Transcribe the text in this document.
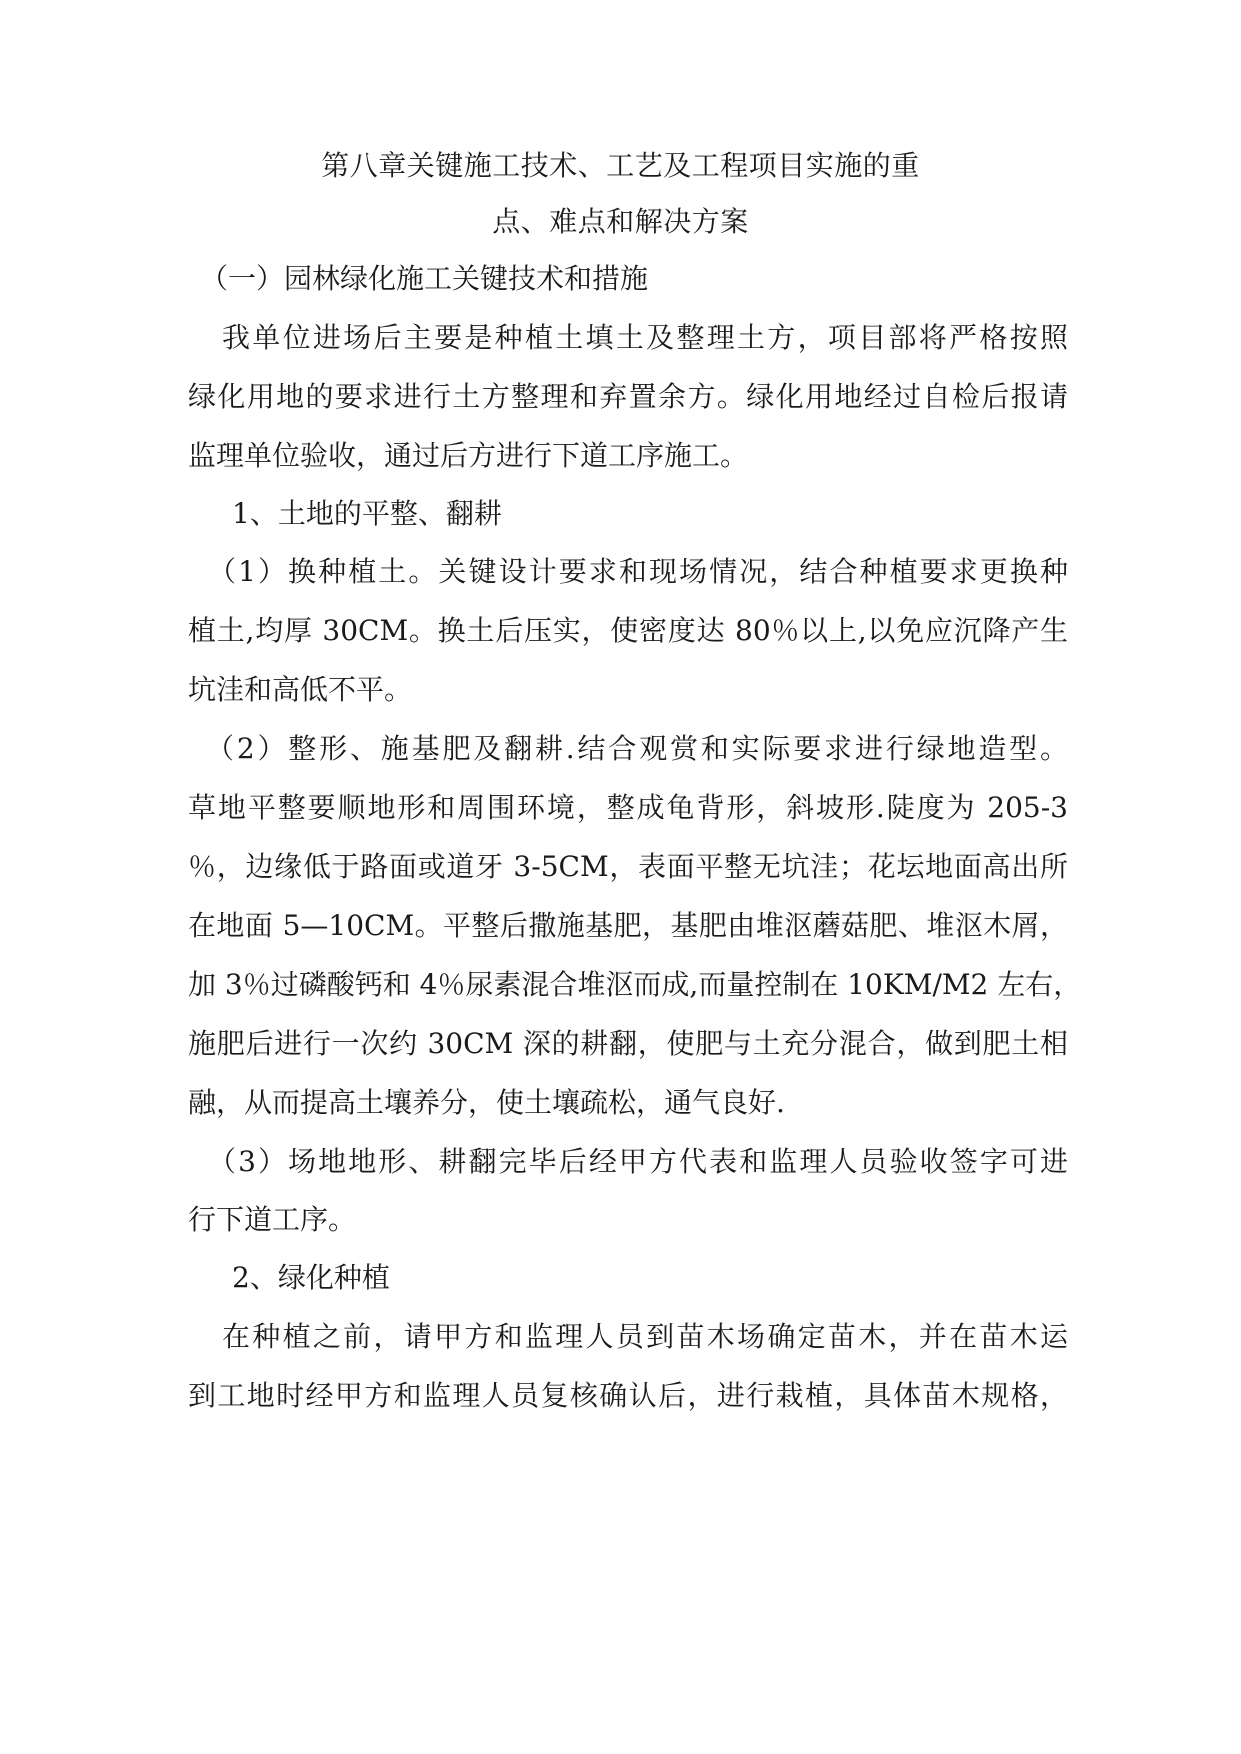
第八章关键施工技术、工艺及工程项目实施的重
点、难点和解决方案
（一）园林绿化施工关键技术和措施
我单位进场后主要是种植土填土及整理土方，项目部将严格按照
绿化用地的要求进行土方整理和弃置余方。绿化用地经过自检后报请
监理单位验收，通过后方进行下道工序施工。
1、土地的平整、翻耕
（1）换种植土。关键设计要求和现场情况，结合种植要求更换种
植土,均厚 30CM。换土后压实，使密度达 80％以上,以免应沉降产生
坑洼和高低不平。
（2）整形、施基肥及翻耕.结合观赏和实际要求进行绿地造型。
草地平整要顺地形和周围环境，整成龟背形，斜坡形.陡度为 205-3
％，边缘低于路面或道牙 3-5CM，表面平整无坑洼；花坛地面高出所
在地面 5—10CM。平整后撒施基肥，基肥由堆沤蘑菇肥、堆沤木屑，
加 3％过磷酸钙和 4％尿素混合堆沤而成,而量控制在 10KM/M2 左右，
施肥后进行一次约 30CM 深的耕翻，使肥与土充分混合，做到肥土相
融，从而提高土壤养分，使土壤疏松，通气良好.
（3）场地地形、耕翻完毕后经甲方代表和监理人员验收签字可进
行下道工序。
2、绿化种植
在种植之前，请甲方和监理人员到苗木场确定苗木，并在苗木运
到工地时经甲方和监理人员复核确认后，进行栽植，具体苗木规格，
